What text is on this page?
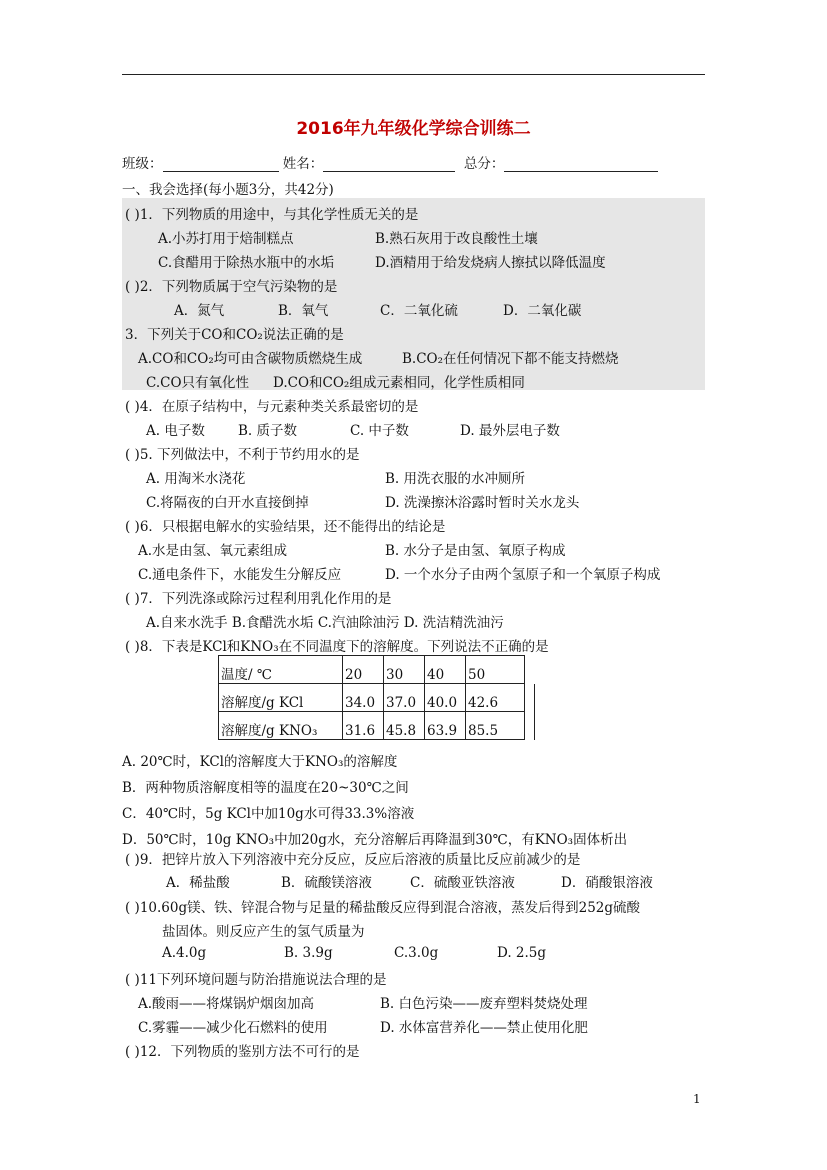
2016年九年级化学综合训练二
班级：	姓名：	总分：
一、我会选择(每小题3分，共42分)
( )1．下列物质的用途中，与其化学性质无关的是
A.小苏打用于焙制糕点	B.熟石灰用于改良酸性土壤
C.食醋用于除热水瓶中的水垢	D.酒精用于给发烧病人擦拭以降低温度
( )2．下列物质属于空气污染物的是
A．氮气	B．氧气	C．二氧化硫	D．二氧化碳
3．下列关于CO和CO₂说法正确的是
A.CO和CO₂均可由含碳物质燃烧生成	B.CO₂在任何情况下都不能支持燃烧
C.CO只有氧化性 D.CO和CO₂组成元素相同，化学性质相同
( )4．在原子结构中，与元素种类关系最密切的是
A. 电子数 B. 质子数	C. 中子数	D. 最外层电子数
( )5. 下列做法中，不利于节约用水的是
A. 用淘米水浇花	B. 用洗衣服的水冲厕所
C.将隔夜的白开水直接倒掉	D. 洗澡擦沐浴露时暂时关水龙头
( )6．只根据电解水的实验结果，还不能得出的结论是
A.水是由氢、氧元素组成	B. 水分子是由氢、氧原子构成
C.通电条件下，水能发生分解反应	D. 一个水分子由两个氢原子和一个氧原子构成
( )7．下列洗涤或除污过程利用乳化作用的是
A.自来水洗手 B.食醋洗水垢 C.汽油除油污 D. 洗洁精洗油污
( )8．下表是KCl和KNO₃在不同温度下的溶解度。下列说法不正确的是
温度/ ℃	20	30	40	50
溶解度/g KCl	34.0	37.0	40.0	42.6
溶解度/g KNO₃	31.6	45.8	63.9	85.5
A. 20℃时，KCl的溶解度大于KNO₃的溶解度
B．两种物质溶解度相等的温度在20~30℃之间
C．40℃时，5g KCl中加10g水可得33.3%溶液
D．50℃时，10g KNO₃中加20g水，充分溶解后再降温到30℃，有KNO₃固体析出
( )9．把锌片放入下列溶液中充分反应，反应后溶液的质量比反应前减少的是
A．稀盐酸	B．硫酸镁溶液	C．硫酸亚铁溶液	D．硝酸银溶液
( )10.60g镁、铁、锌混合物与足量的稀盐酸反应得到混合溶液，蒸发后得到252g硫酸
盐固体。则反应产生的氢气质量为
A.4.0g	B. 3.9g	C.3.0g	D. 2.5g
( )11下列环境问题与防治措施说法合理的是
A.酸雨——将煤锅炉烟囱加高	B. 白色污染——废弃塑料焚烧处理
C.雾霾——减少化石燃料的使用	D. 水体富营养化——禁止使用化肥
( )12．下列物质的鉴别方法不可行的是
1
